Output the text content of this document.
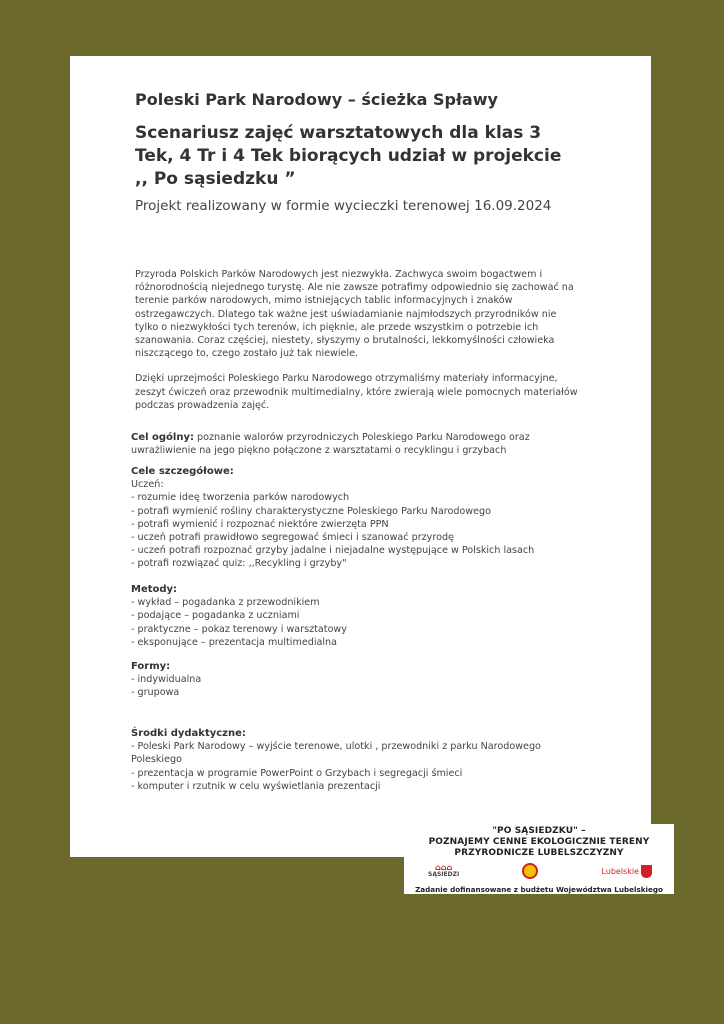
Poleski Park Narodowy – ścieżka Spławy
Scenariusz zajęć warsztatowych dla klas 3
Tek, 4 Tr i 4 Tek biorących udział w projekcie
,, Po sąsiedzku ”

Projekt realizowany w formie wycieczki terenowej 16.09.2024

Przyroda Polskich Parków Narodowych jest niezwykła. Zachwyca swoim bogactwem i różnorodnością niejednego turystę. Ale nie zawsze potrafimy odpowiednio się zachować na terenie parków narodowych, mimo istniejących tablic informacyjnych i znaków ostrzegawczych. Dlatego tak ważne jest uświadamianie najmłodszych przyrodników nie tylko o niezwykłości tych terenów, ich pięknie, ale przede wszystkim o potrzebie ich szanowania. Coraz częściej, niestety, słyszymy o brutalności, lekkomyślności człowieka niszczącego to, czego zostało już tak niewiele.

Dzięki uprzejmości Poleskiego Parku Narodowego otrzymaliśmy materiały informacyjne, zeszyt ćwiczeń oraz przewodnik multimedialny, które zwierają wiele pomocnych materiałów podczas prowadzenia zajęć.

Cel ogólny: poznanie walorów przyrodniczych Poleskiego Parku Narodowego oraz uwrażliwienie na jego piękno połączone z warsztatami o recyklingu i grzybach
Cele szczegółowe:
Uczeń:
- rozumie ideę tworzenia parków narodowych
- potrafi wymienić rośliny charakterystyczne Poleskiego Parku Narodowego
- potrafi wymienić i rozpoznać niektóre zwierzęta PPN
- uczeń potrafi prawidłowo segregować śmieci i szanować przyrodę
- uczeń potrafi rozpoznać grzyby jadalne i niejadalne występujące w Polskich lasach
- potrafi rozwiązać quiz: ,,Recykling i grzyby"
Metody:
- wykład – pogadanka z przewodnikiem
- podające – pogadanka z uczniami
- praktyczne – pokaz terenowy i warsztatowy
- eksponujące – prezentacja multimedialna
Formy:
- indywidualna
- grupowa
Środki dydaktyczne:
- Poleski Park Narodowy – wyjście terenowe, ulotki , przewodniki z parku Narodowego Poleskiego
- prezentacja w programie PowerPoint o Grzybach i segregacji śmieci
- komputer i rzutnik w celu wyświetlania prezentacji
"PO SĄSIEDZKU" –
POZNAJEMY CENNE EKOLOGICZNIE TERENY
PRZYRODNICZE LUBELSZCZYZNY
⌂⌂⌂
SĄSIEDZI	Lubelskie
Zadanie dofinansowane z budżetu Województwa Lubelskiego
